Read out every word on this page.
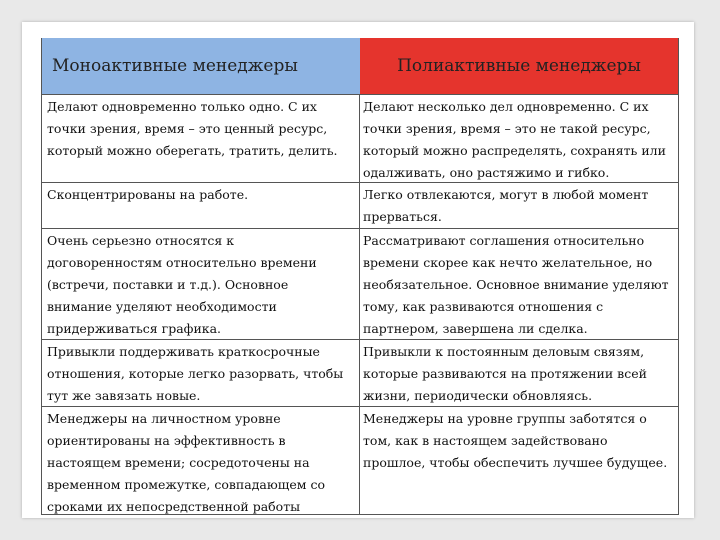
Моноактивные менеджеры	Полиактивные менеджеры
Делают одновременно только одно. С их
точки зрения, время – это ценный ресурс,
который можно оберегать, тратить, делить.
Делают несколько дел одновременно. С их
точки зрения, время – это не такой ресурс,
который можно распределять, сохранять или
одалживать, оно растяжимо и гибко.
Сконцентрированы на работе.	Легко отвлекаются, могут в любой момент
прерваться.
Очень серьезно относятся к
договоренностям относительно времени
(встречи, поставки и т.д.). Основное
внимание уделяют необходимости
придерживаться графика.
Рассматривают соглашения относительно
времени скорее как нечто желательное, но
необязательное. Основное внимание уделяют
тому, как развиваются отношения с
партнером, завершена ли сделка.
Привыкли поддерживать краткосрочные
отношения, которые легко разорвать, чтобы
тут же завязать новые.
Привыкли к постоянным деловым связям,
которые развиваются на протяжении всей
жизни, периодически обновляясь.
Менеджеры на личностном уровне
ориентированы на эффективность в
настоящем времени; сосредоточены на
временном промежутке, совпадающем со
сроками их непосредственной работы
Менеджеры на уровне группы заботятся о
том, как в настоящем задействовано
прошлое, чтобы обеспечить лучшее будущее.
